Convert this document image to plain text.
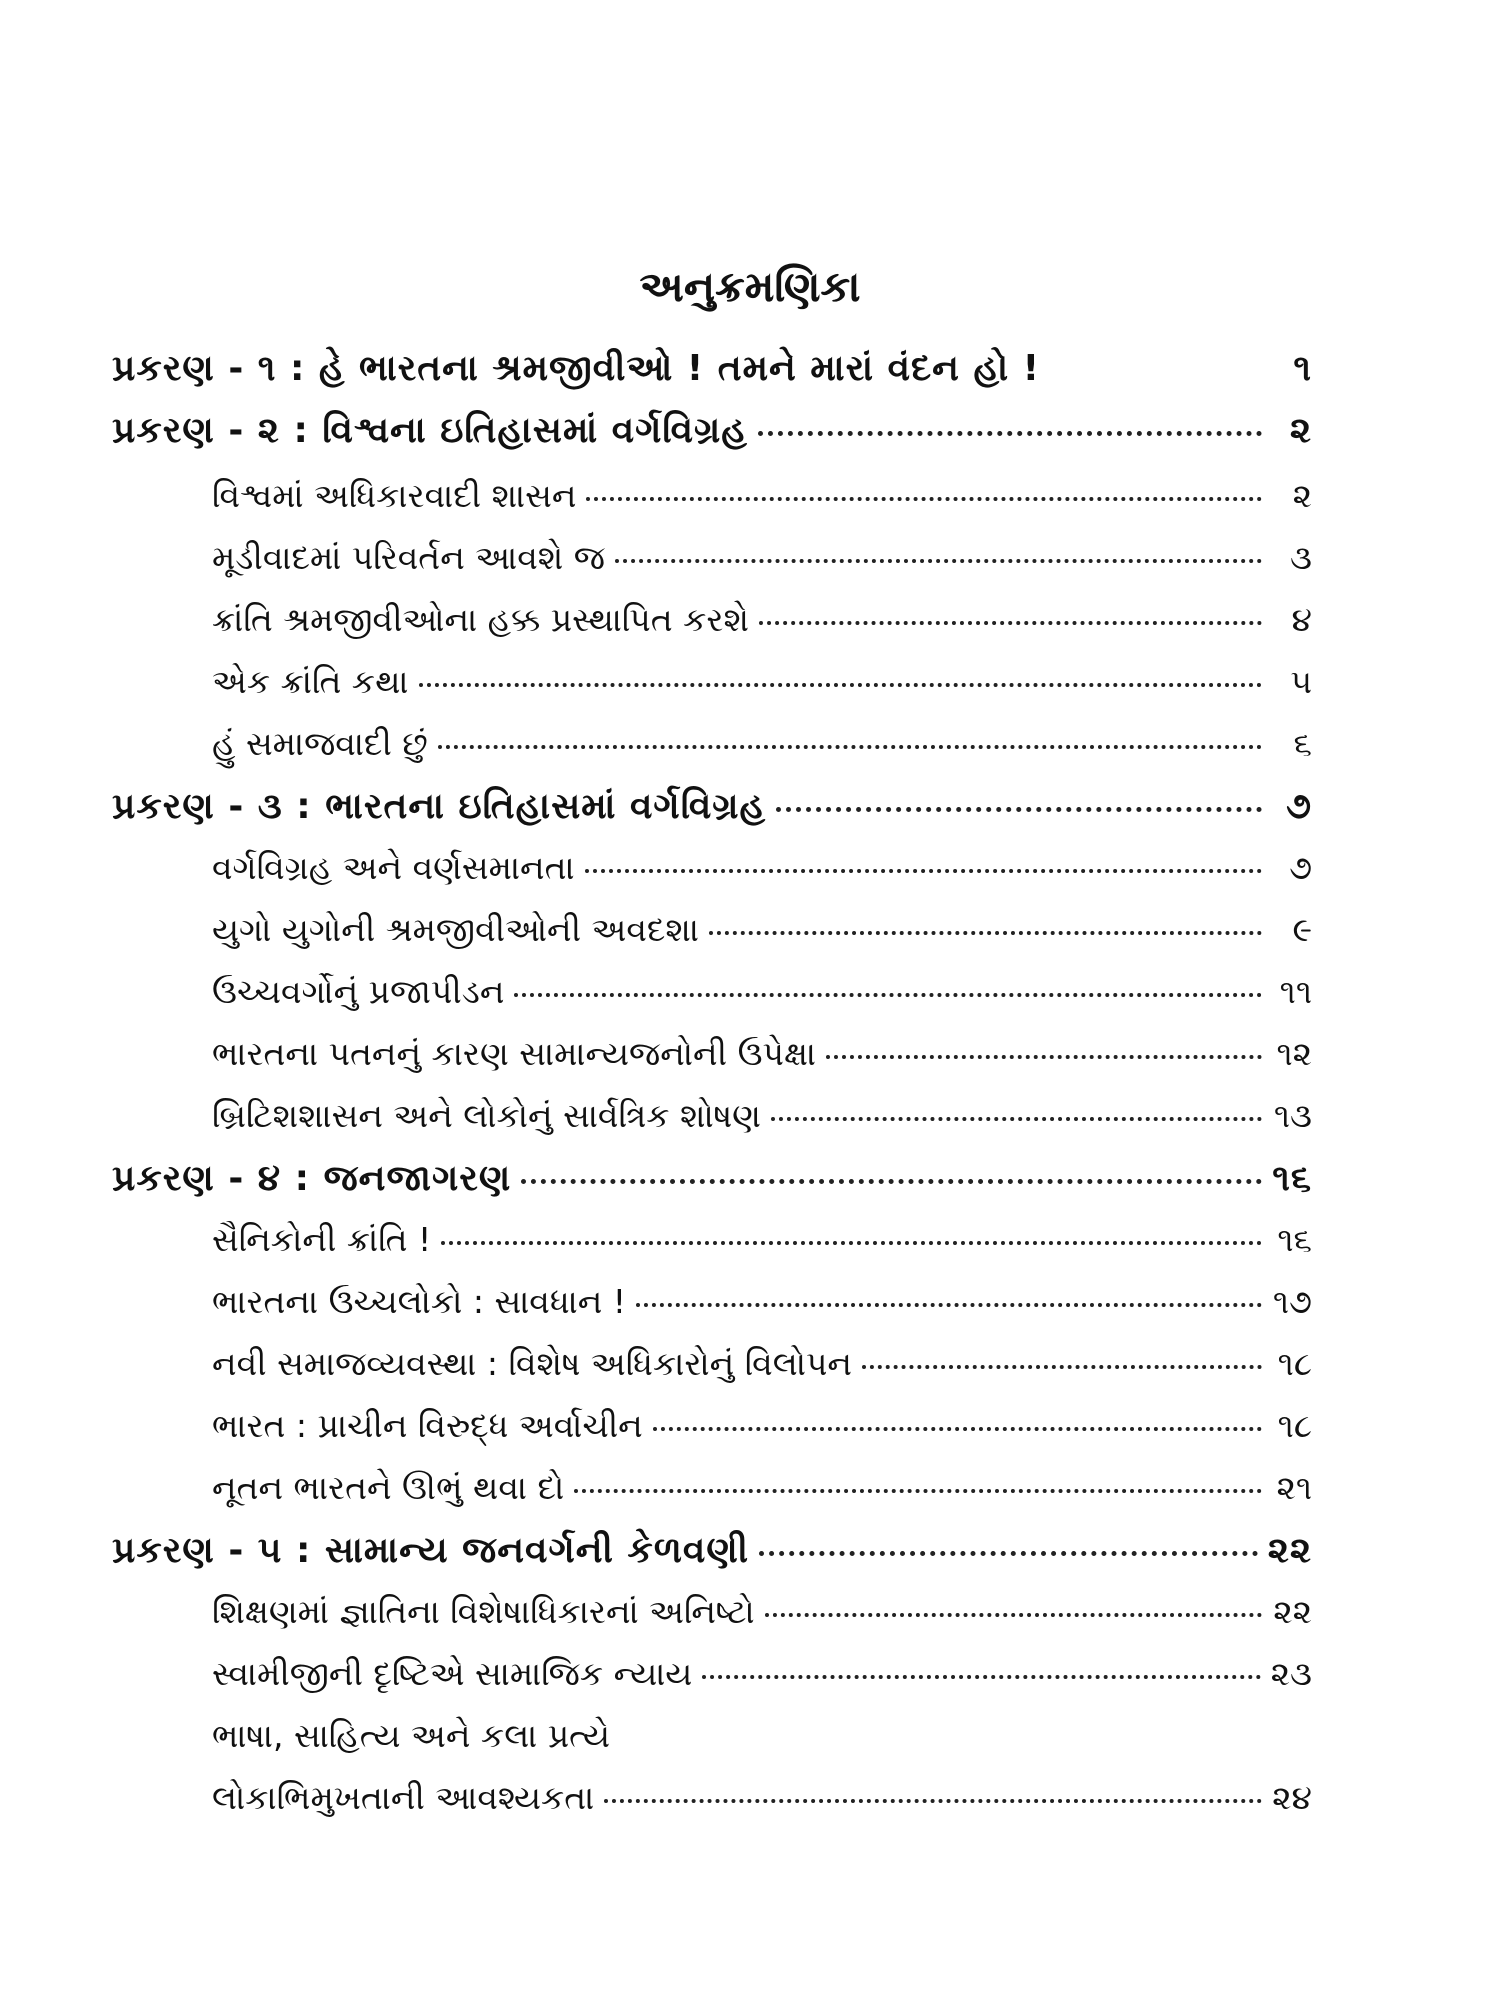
અનુક્રમણિકા
પ્રકરણ - ૧ : હે ભારતના શ્રમજીવીઓ ! તમને મારાં વંદન હો !	૧
પ્રકરણ - ૨ : વિશ્વના ઇતિહાસમાં વર્ગવિગ્રહ	૨
વિશ્વમાં અધિકારવાદી શાસન	૨
મૂડીવાદમાં પરિવર્તન આવશે જ	૩
ક્રાંતિ શ્રમજીવીઓના હક્ક પ્રસ્થાપિત કરશે	૪
એક ક્રાંતિ કથા	૫
હું સમાજવાદી છું	૬
પ્રકરણ - ૩ : ભારતના ઇતિહાસમાં વર્ગવિગ્રહ	૭
વર્ગવિગ્રહ અને વર્ણસમાનતા	૭
યુગો યુગોની શ્રમજીવીઓની અવદશા	૯
ઉચ્ચવર્ગોનું પ્રજાપીડન	૧૧
ભારતના પતનનું કારણ સામાન્યજનોની ઉપેક્ષા	૧૨
બ્રિટિશશાસન અને લોકોનું સાર્વત્રિક શોષણ	૧૩
પ્રકરણ - ૪ : જનજાગરણ	૧૬
સૈનિકોની ક્રાંતિ !	૧૬
ભારતના ઉચ્ચલોકો : સાવધાન !	૧૭
નવી સમાજવ્યવસ્થા : વિશેષ અધિકારોનું વિલોપન	૧૮
ભારત : પ્રાચીન વિરુદ્ધ અર્વાચીન	૧૮
નૂતન ભારતને ઊભું થવા દો	૨૧
પ્રકરણ - ૫ : સામાન્ય જનવર્ગની કેળવણી	૨૨
શિક્ષણમાં જ્ઞાતિના વિશેષાધિકારનાં અનિષ્ટો	૨૨
સ્વામીજીની દૃષ્ટિએ સામાજિક ન્યાય	૨૩
ભાષા, સાહિત્ય અને કલા પ્રત્યે
લોકાભિમુખતાની આવશ્યકતા	૨૪
